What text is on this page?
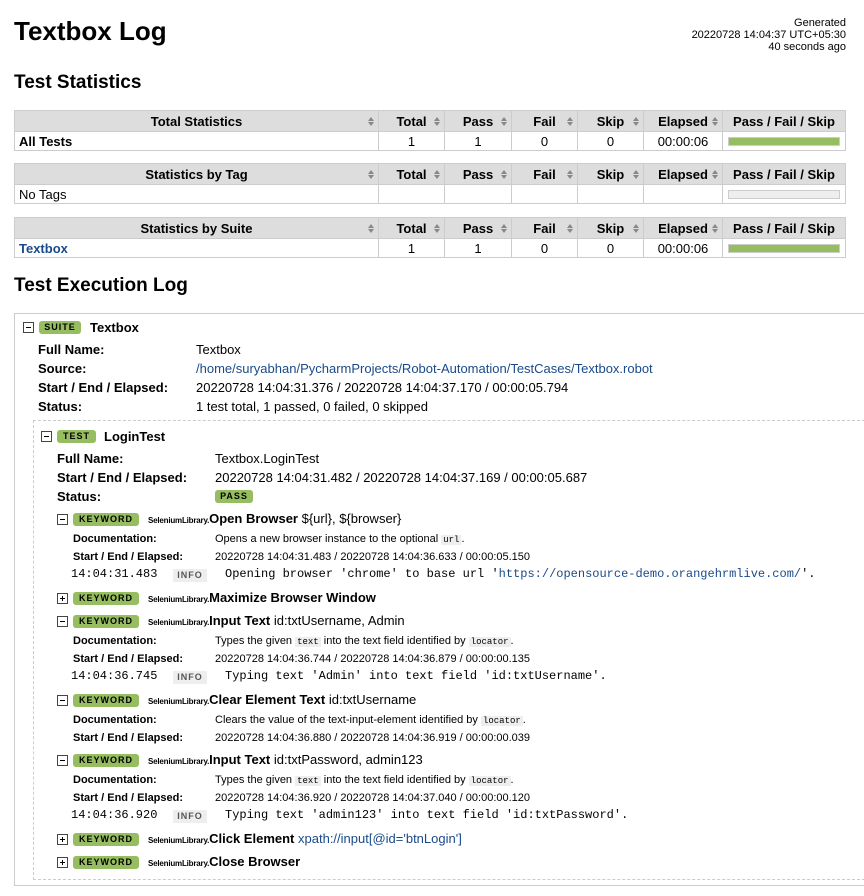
Textbox Log	Generated
20220728 14:04:37 UTC+05:30
40 seconds ago
Test Statistics
Total Statistics	Total	Pass	Fail	Skip	Elapsed	Pass / Fail / Skip
All Tests	1	1	0	0	00:00:06	
Statistics by Tag	Total	Pass	Fail	Skip	Elapsed	Pass / Fail / Skip
No Tags						
Statistics by Suite	Total	Pass	Fail	Skip	Elapsed	Pass / Fail / Skip
Textbox	1	1	0	0	00:00:06	
Test Execution Log
SUITE	Textbox
Full Name:	Textbox
Source:	/home/suryabhan/PycharmProjects/Robot-Automation/TestCases/Textbox.robot
Start / End / Elapsed: 20220728 14:04:31.376 / 20220728 14:04:37.170 / 00:00:05.794
Status:	1 test total, 1 passed, 0 failed, 0 skipped
TEST	LoginTest
Full Name:	Textbox.LoginTest
Start / End / Elapsed: 20220728 14:04:31.482 / 20220728 14:04:37.169 / 00:00:05.687
Status:	PASS
KEYWORD	SeleniumLibrary.Open Browser ${url}, ${browser}
Documentation:	Opens a new browser instance to the optional url .
Start / End / Elapsed:	20220728 14:04:31.483 / 20220728 14:04:36.633 / 00:00:05.150
14:04:31.483	INFO	Opening browser 'chrome' to base url 'https://opensource-demo.orangehrmlive.com/'.
KEYWORD	SeleniumLibrary.Maximize Browser Window
KEYWORD	SeleniumLibrary.Input Text id:txtUsername, Admin
Documentation:	Types the given text into the text field identified by locator .
Start / End / Elapsed:	20220728 14:04:36.744 / 20220728 14:04:36.879 / 00:00:00.135
14:04:36.745	INFO	Typing text 'Admin' into text field 'id:txtUsername'.
KEYWORD	SeleniumLibrary.Clear Element Text id:txtUsername
Documentation:	Clears the value of the text-input-element identified by locator .
Start / End / Elapsed:	20220728 14:04:36.880 / 20220728 14:04:36.919 / 00:00:00.039
KEYWORD	SeleniumLibrary.Input Text id:txtPassword, admin123
Documentation:	Types the given text into the text field identified by locator .
Start / End / Elapsed:	20220728 14:04:36.920 / 20220728 14:04:37.040 / 00:00:00.120
14:04:36.920	INFO	Typing text 'admin123' into text field 'id:txtPassword'.
KEYWORD	SeleniumLibrary.Click Element xpath://input[@id='btnLogin']
KEYWORD	SeleniumLibrary.Close Browser
